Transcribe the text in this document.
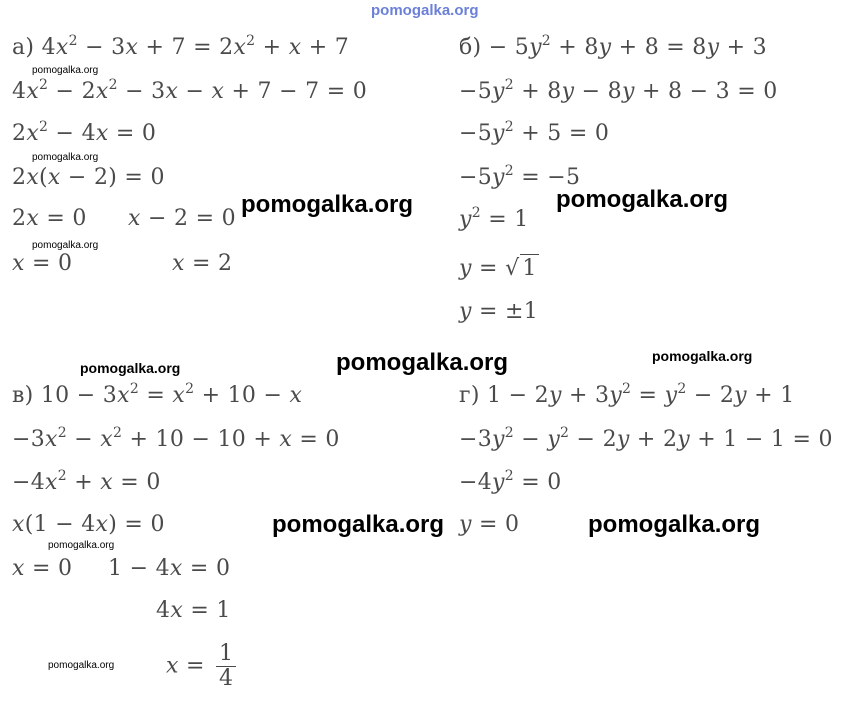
pomogalka.org
а) $4x^2 - 3x + 7 = 2x^2 + x + 7$
$4x^2 - 2x^2 - 3x - x + 7 - 7 = 0$
$2x^2 - 4x = 0$
2x(x − 2) = 0
2x = 0 x − 2 = 0
x = 0	x = 2
$б) - 5y^2 + 8y + 8 = 8y + 3$
$-5y^2 + 8y - 8y + 8 - 3 = 0$
$-5y^2 + 5 = 0$
$-5y^2 = -5$
$y^2 = 1$
y = √ 1
y = ±1
в) $10 - 3x^2 = x^2 + 10 - x$
$-3x^2 - x^2 + 10 - 10 + x = 0$
$-4x^2 + x = 0$
x(1 − 4x) = 0
x = 0 1 − 4x = 0
4x = 1
$x = \frac{1}{4}$
г) $1 - 2y + 3y^2 = y^2 - 2y + 1$
$-3y^2 - y^2 - 2y + 2y + 1 - 1 = 0$
$-4y^2 = 0$
y = 0
pomogalka.org
pomogalka.org
pomogalka.org
pomogalka.org	pomogalka.org
pomogalka.org	pomogalka.org	pomogalka.org
pomogalka.org	pomogalka.org
pomogalka.org
pomogalka.org
